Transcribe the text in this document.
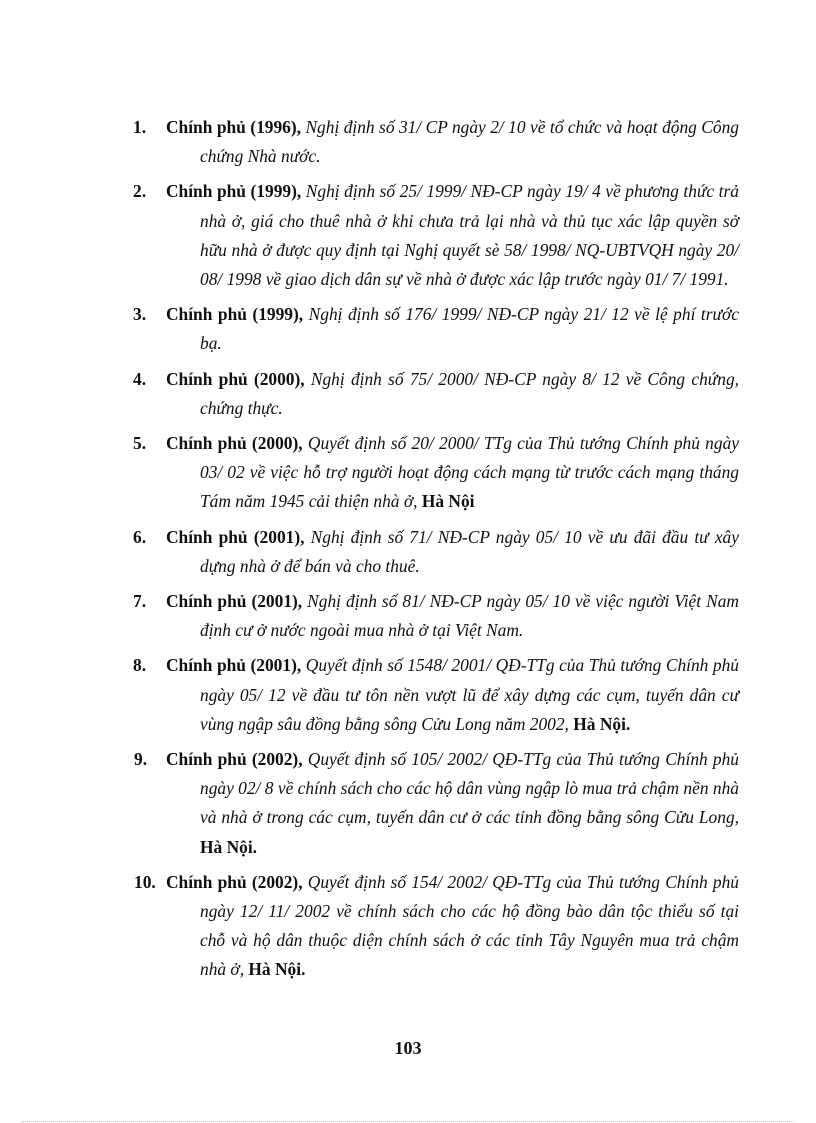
1. Chính phủ (1996), Nghị định số 31/ CP ngày 2/ 10 về tổ chức và hoạt động Công chứng Nhà nước.
2. Chính phủ (1999), Nghị định số 25/ 1999/ NĐ-CP ngày 19/ 4 về phương thức trả nhà ở, giá cho thuê nhà ở khi chưa trả lại nhà và thủ tục xác lập quyền sở hữu nhà ở được quy định tại Nghị quyết sè 58/ 1998/ NQ-UBTVQH ngày 20/ 08/ 1998 về giao dịch dân sự về nhà ở được xác lập trước ngày 01/ 7/ 1991.
3. Chính phủ (1999), Nghị định số 176/ 1999/ NĐ-CP ngày 21/ 12 về lệ phí trước bạ.
4. Chính phủ (2000), Nghị định số 75/ 2000/ NĐ-CP ngày 8/ 12 về Công chứng, chứng thực.
5. Chính phủ (2000), Quyết định số 20/ 2000/ TTg của Thủ tướng Chính phủ ngày 03/ 02 về việc hỗ trợ người hoạt động cách mạng từ trước cách mạng tháng Tám năm 1945 cải thiện nhà ở, Hà Nội
6. Chính phủ (2001), Nghị định số 71/ NĐ-CP ngày 05/ 10 về ưu đãi đầu tư xây dựng nhà ở để bán và cho thuê.
7. Chính phủ (2001), Nghị định số 81/ NĐ-CP ngày 05/ 10 về việc người Việt Nam định cư ở nước ngoài mua nhà ở tại Việt Nam.
8. Chính phủ (2001), Quyết định số 1548/ 2001/ QĐ-TTg của Thủ tướng Chính phủ ngày 05/ 12 về đầu tư tôn nền vượt lũ để xây dựng các cụm, tuyến dân cư vùng ngập sâu đồng bằng sông Cửu Long năm 2002, Hà Nội.
9. Chính phủ (2002), Quyết định số 105/ 2002/ QĐ-TTg của Thủ tướng Chính phủ ngày 02/ 8 về chính sách cho các hộ dân vùng ngập lò mua trả chậm nền nhà và nhà ở trong các cụm, tuyến dân cư ở các tỉnh đồng bằng sông Cửu Long, Hà Nội.
10. Chính phủ (2002), Quyết định số 154/ 2002/ QĐ-TTg của Thủ tướng Chính phủ ngày 12/ 11/ 2002 về chính sách cho các hộ đồng bào dân tộc thiểu số tại chỗ và hộ dân thuộc diện chính sách ở các tỉnh Tây Nguyên mua trả chậm nhà ở, Hà Nội.
103
